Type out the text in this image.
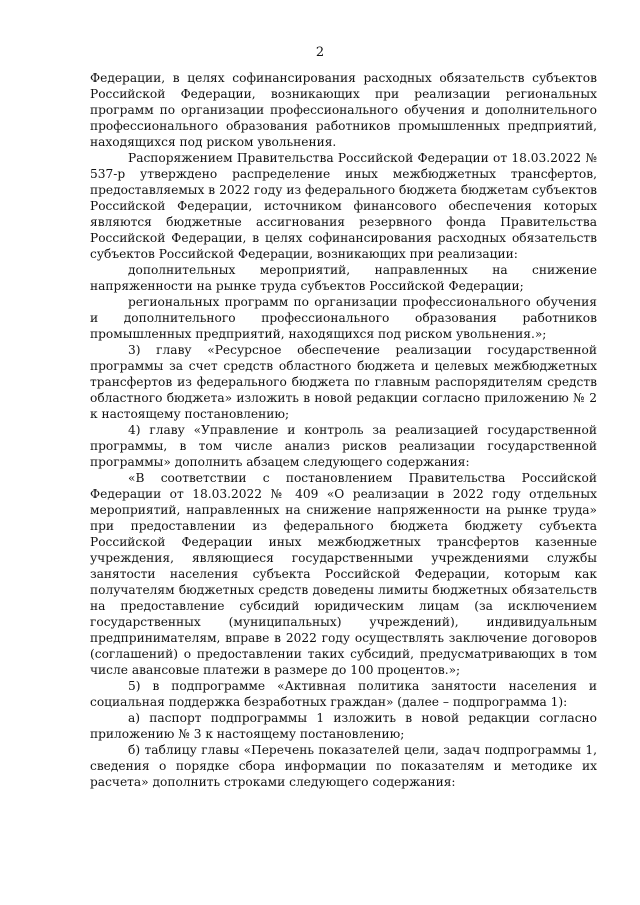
2

Федерации, в целях софинансирования расходных обязательств субъектов Российской Федерации, возникающих при реализации региональных программ по организации профессионального обучения и дополнительного профессионального образования работников промышленных предприятий, находящихся под риском увольнения.

Распоряжением Правительства Российской Федерации от 18.03.2022 № 537-р утверждено распределение иных межбюджетных трансфертов, предоставляемых в 2022 году из федерального бюджета бюджетам субъектов Российской Федерации, источником финансового обеспечения которых являются бюджетные ассигнования резервного фонда Правительства Российской Федерации, в целях софинансирования расходных обязательств субъектов Российской Федерации, возникающих при реализации:

дополнительных мероприятий, направленных на снижение напряженности на рынке труда субъектов Российской Федерации;

региональных программ по организации профессионального обучения и дополнительного профессионального образования работников промышленных предприятий, находящихся под риском увольнения.»;

3) главу «Ресурсное обеспечение реализации государственной программы за счет средств областного бюджета и целевых межбюджетных трансфертов из федерального бюджета по главным распорядителям средств областного бюджета» изложить в новой редакции согласно приложению № 2 к настоящему постановлению;

4) главу «Управление и контроль за реализацией государственной программы, в том числе анализ рисков реализации государственной программы» дополнить абзацем следующего содержания:

«В соответствии с постановлением Правительства Российской Федерации от 18.03.2022 № 409 «О реализации в 2022 году отдельных мероприятий, направленных на снижение напряженности на рынке труда» при предоставлении из федерального бюджета бюджету субъекта Российской Федерации иных межбюджетных трансфертов казенные учреждения, являющиеся государственными учреждениями службы занятости населения субъекта Российской Федерации, которым как получателям бюджетных средств доведены лимиты бюджетных обязательств на предоставление субсидий юридическим лицам (за исключением государственных (муниципальных) учреждений), индивидуальным предпринимателям, вправе в 2022 году осуществлять заключение договоров (соглашений) о предоставлении таких субсидий, предусматривающих в том числе авансовые платежи в размере до 100 процентов.»;

5) в подпрограмме «Активная политика занятости населения и социальная поддержка безработных граждан» (далее – подпрограмма 1):

а) паспорт подпрограммы 1 изложить в новой редакции согласно приложению № 3 к настоящему постановлению;

б) таблицу главы «Перечень показателей цели, задач подпрограммы 1, сведения о порядке сбора информации по показателям и методике их расчета» дополнить строками следующего содержания:
